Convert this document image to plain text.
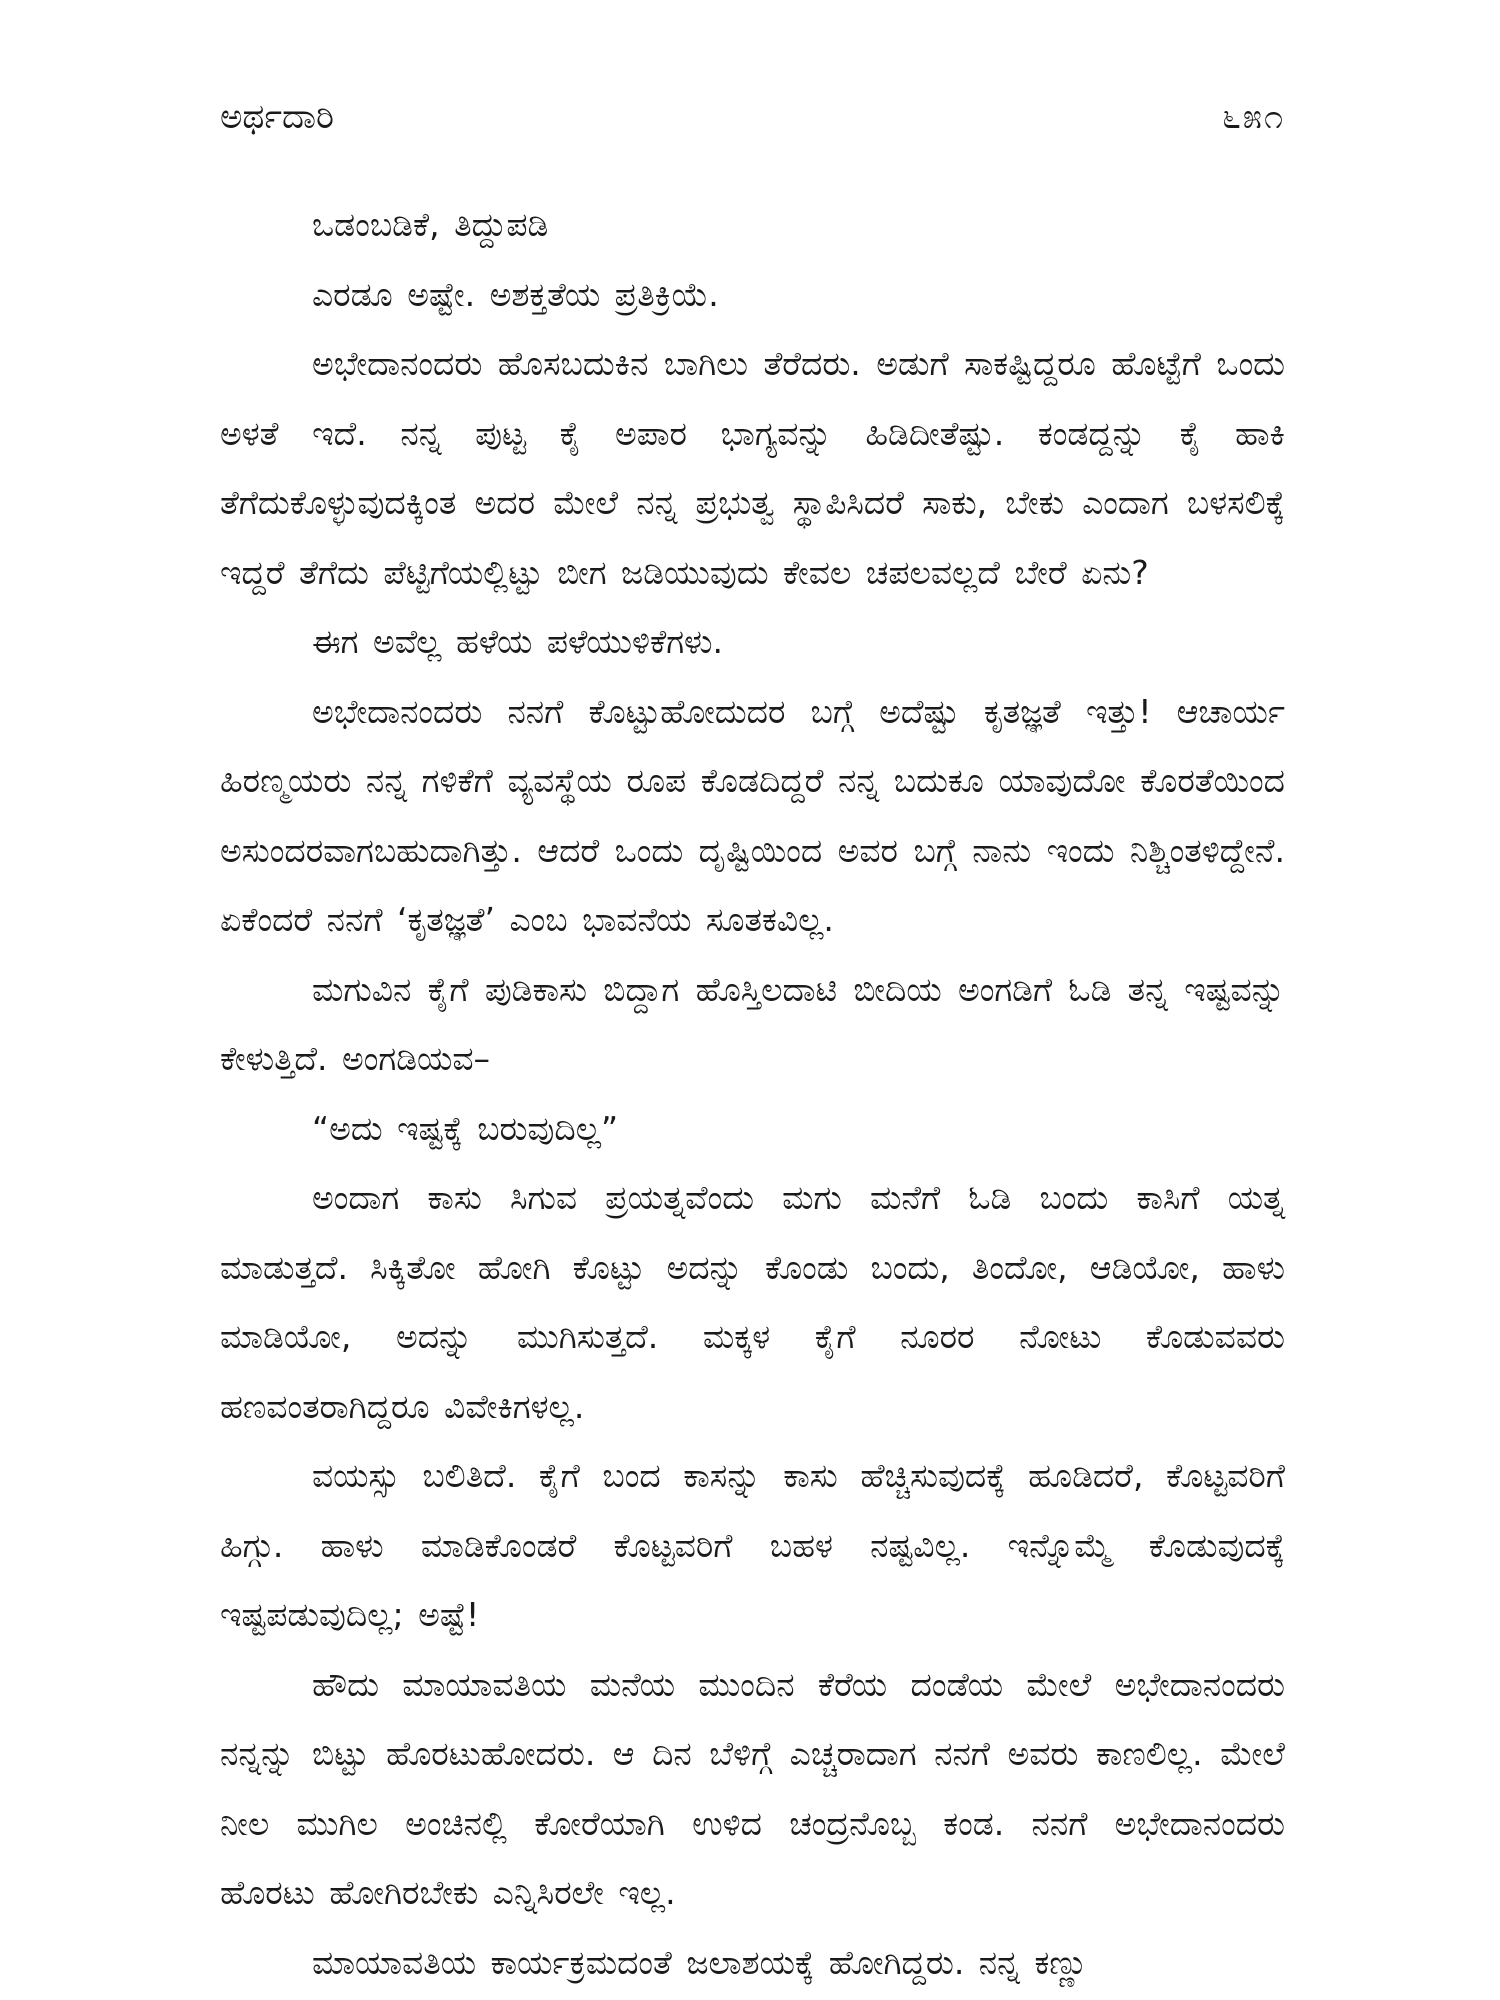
ಅರ್ಥದಾರಿ	೬೫೧

ಒಡಂಬಡಿಕೆ, ತಿದ್ದುಪಡಿ

ಎರಡೂ ಅಷ್ಟೇ. ಅಶಕ್ತತೆಯ ಪ್ರತಿಕ್ರಿಯೆ.

ಅಭೇದಾನಂದರು ಹೊಸಬದುಕಿನ ಬಾಗಿಲು ತೆರೆದರು. ಅಡುಗೆ ಸಾಕಷ್ಟಿದ್ದರೂ ಹೊಟ್ಟೆಗೆ ಒಂದು ಅಳತೆ ಇದೆ. ನನ್ನ ಪುಟ್ಟ ಕೈ ಅಪಾರ ಭಾಗ್ಯವನ್ನು ಹಿಡಿದೀತೆಷ್ಟು. ಕಂಡದ್ದನ್ನು ಕೈ ಹಾಕಿ ತೆಗೆದುಕೊಳ್ಳುವುದಕ್ಕಿಂತ ಅದರ ಮೇಲೆ ನನ್ನ ಪ್ರಭುತ್ವ ಸ್ಥಾಪಿಸಿದರೆ ಸಾಕು, ಬೇಕು ಎಂದಾಗ ಬಳಸಲಿಕ್ಕೆ ಇದ್ದರೆ ತೆಗೆದು ಪೆಟ್ಟಿಗೆಯಲ್ಲಿಟ್ಟು ಬೀಗ ಜಡಿಯುವುದು ಕೇವಲ ಚಪಲವಲ್ಲದೆ ಬೇರೆ ಏನು?

ಈಗ ಅವೆಲ್ಲ ಹಳೆಯ ಪಳೆಯುಳಿಕೆಗಳು.

ಅಭೇದಾನಂದರು ನನಗೆ ಕೊಟ್ಟುಹೋದುದರ ಬಗ್ಗೆ ಅದೆಷ್ಟು ಕೃತಜ್ಞತೆ ಇತ್ತು! ಆಚಾರ್ಯ ಹಿರಣ್ಮಯರು ನನ್ನ ಗಳಿಕೆಗೆ ವ್ಯವಸ್ಥೆಯ ರೂಪ ಕೊಡದಿದ್ದರೆ ನನ್ನ ಬದುಕೂ ಯಾವುದೋ ಕೊರತೆಯಿಂದ ಅಸುಂದರವಾಗಬಹುದಾಗಿತ್ತು. ಆದರೆ ಒಂದು ದೃಷ್ಟಿಯಿಂದ ಅವರ ಬಗ್ಗೆ ನಾನು ಇಂದು ನಿಶ್ಚಿಂತಳಿದ್ದೇನೆ. ಏಕೆಂದರೆ ನನಗೆ ‘ಕೃತಜ್ಞತೆ’ ಎಂಬ ಭಾವನೆಯ ಸೂತಕವಿಲ್ಲ.

ಮಗುವಿನ ಕೈಗೆ ಪುಡಿಕಾಸು ಬಿದ್ದಾಗ ಹೊಸ್ತಿಲದಾಟಿ ಬೀದಿಯ ಅಂಗಡಿಗೆ ಓಡಿ ತನ್ನ ಇಷ್ಟವನ್ನು ಕೇಳುತ್ತಿದೆ. ಅಂಗಡಿಯವ–

“ಅದು ಇಷ್ಟಕ್ಕೆ ಬರುವುದಿಲ್ಲ”

ಅಂದಾಗ ಕಾಸು ಸಿಗುವ ಪ್ರಯತ್ನವೆಂದು ಮಗು ಮನೆಗೆ ಓಡಿ ಬಂದು ಕಾಸಿಗೆ ಯತ್ನ ಮಾಡುತ್ತದೆ. ಸಿಕ್ಕಿತೋ ಹೋಗಿ ಕೊಟ್ಟು ಅದನ್ನು ಕೊಂಡು ಬಂದು, ತಿಂದೋ, ಆಡಿಯೋ, ಹಾಳು ಮಾಡಿಯೋ, ಅದನ್ನು ಮುಗಿಸುತ್ತದೆ. ಮಕ್ಕಳ ಕೈಗೆ ನೂರರ ನೋಟು ಕೊಡುವವರು ಹಣವಂತರಾಗಿದ್ದರೂ ವಿವೇಕಿಗಳಲ್ಲ.

ವಯಸ್ಸು ಬಲಿತಿದೆ. ಕೈಗೆ ಬಂದ ಕಾಸನ್ನು ಕಾಸು ಹೆಚ್ಚಿಸುವುದಕ್ಕೆ ಹೂಡಿದರೆ, ಕೊಟ್ಟವರಿಗೆ ಹಿಗ್ಗು. ಹಾಳು ಮಾಡಿಕೊಂಡರೆ ಕೊಟ್ಟವರಿಗೆ ಬಹಳ ನಷ್ಟವಿಲ್ಲ. ಇನ್ನೊಮ್ಮೆ ಕೊಡುವುದಕ್ಕೆ ಇಷ್ಟಪಡುವುದಿಲ್ಲ; ಅಷ್ಟೆ!

ಹೌದು ಮಾಯಾವತಿಯ ಮನೆಯ ಮುಂದಿನ ಕೆರೆಯ ದಂಡೆಯ ಮೇಲೆ ಅಭೇದಾನಂದರು ನನ್ನನ್ನು ಬಿಟ್ಟು ಹೊರಟುಹೋದರು. ಆ ದಿನ ಬೆಳಿಗ್ಗೆ ಎಚ್ಚರಾದಾಗ ನನಗೆ ಅವರು ಕಾಣಲಿಲ್ಲ. ಮೇಲೆ ನೀಲ ಮುಗಿಲ ಅಂಚಿನಲ್ಲಿ ಕೋರೆಯಾಗಿ ಉಳಿದ ಚಂದ್ರನೊಬ್ಬ ಕಂಡ. ನನಗೆ ಅಭೇದಾನಂದರು ಹೊರಟು ಹೋಗಿರಬೇಕು ಎನ್ನಿಸಿರಲೇ ಇಲ್ಲ.

ಮಾಯಾವತಿಯ ಕಾರ್ಯಕ್ರಮದಂತೆ ಜಲಾಶಯಕ್ಕೆ ಹೋಗಿದ್ದರು. ನನ್ನ ಕಣ್ಣು
